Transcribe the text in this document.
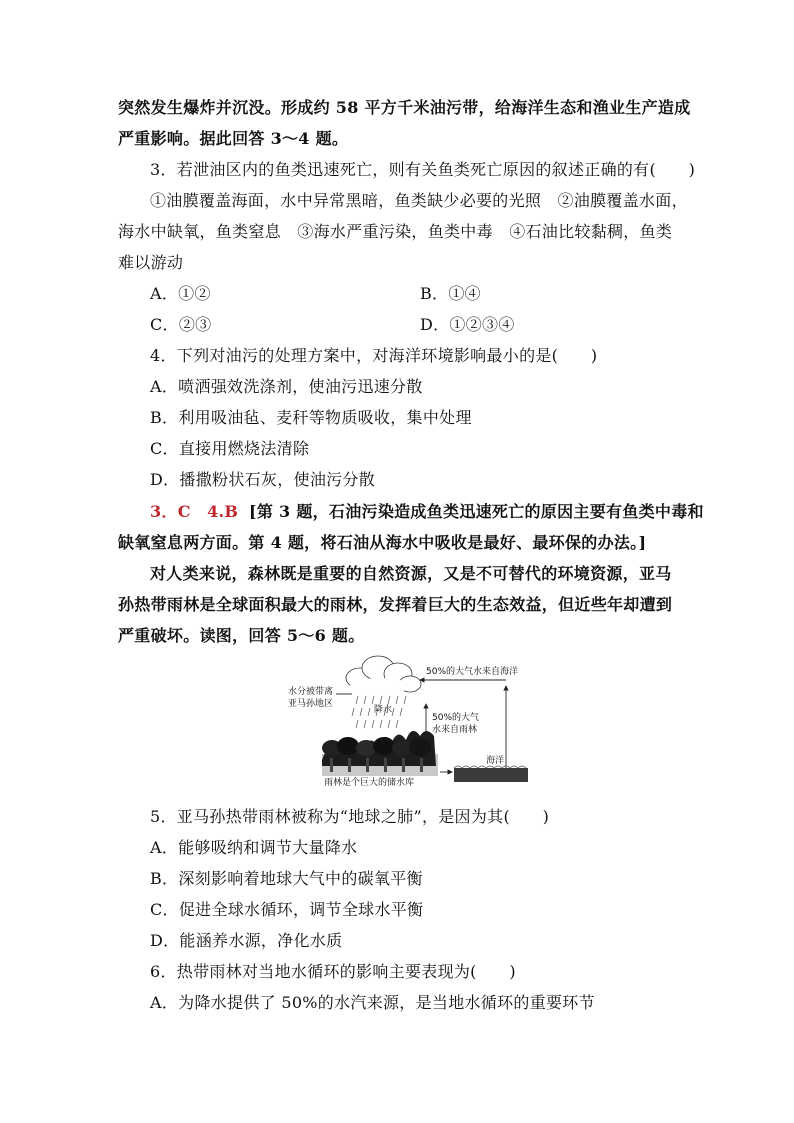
突然发生爆炸并沉没。形成约 58 平方千米油污带，给海洋生态和渔业生产造成
严重影响。据此回答 3～4 题。
3．若泄油区内的鱼类迅速死亡，则有关鱼类死亡原因的叙述正确的有(　　)
①油膜覆盖海面，水中异常黑暗，鱼类缺少必要的光照　②油膜覆盖水面，
海水中缺氧，鱼类窒息　③海水严重污染，鱼类中毒　④石油比较黏稠，鱼类
难以游动
A．①②	B．①④
C．②③	D．①②③④
4．下列对油污的处理方案中，对海洋环境影响最小的是(　　)
A．喷洒强效洗涤剂，使油污迅速分散
B．利用吸油毡、麦秆等物质吸收，集中处理
C．直接用燃烧法清除
D．播撒粉状石灰，使油污分散
3．C　4.B [第 3 题，石油污染造成鱼类迅速死亡的原因主要有鱼类中毒和
缺氧窒息两方面。第 4 题，将石油从海水中吸收是最好、最环保的办法。]
对人类来说，森林既是重要的自然资源，又是不可替代的环境资源，亚马
孙热带雨林是全球面积最大的雨林，发挥着巨大的生态效益，但近些年却遭到
严重破坏。读图，回答 5～6 题。
降水
50%的大气水来自海洋
50%的大气
水来自雨林
水分被带离
亚马孙地区
海洋
雨林是个巨大的储水库
5．亚马孙热带雨林被称为“地球之肺”，是因为其(　　)
A．能够吸纳和调节大量降水
B．深刻影响着地球大气中的碳氧平衡
C．促进全球水循环，调节全球水平衡
D．能涵养水源，净化水质
6．热带雨林对当地水循环的影响主要表现为(　　)
A．为降水提供了 50%的水汽来源，是当地水循环的重要环节
